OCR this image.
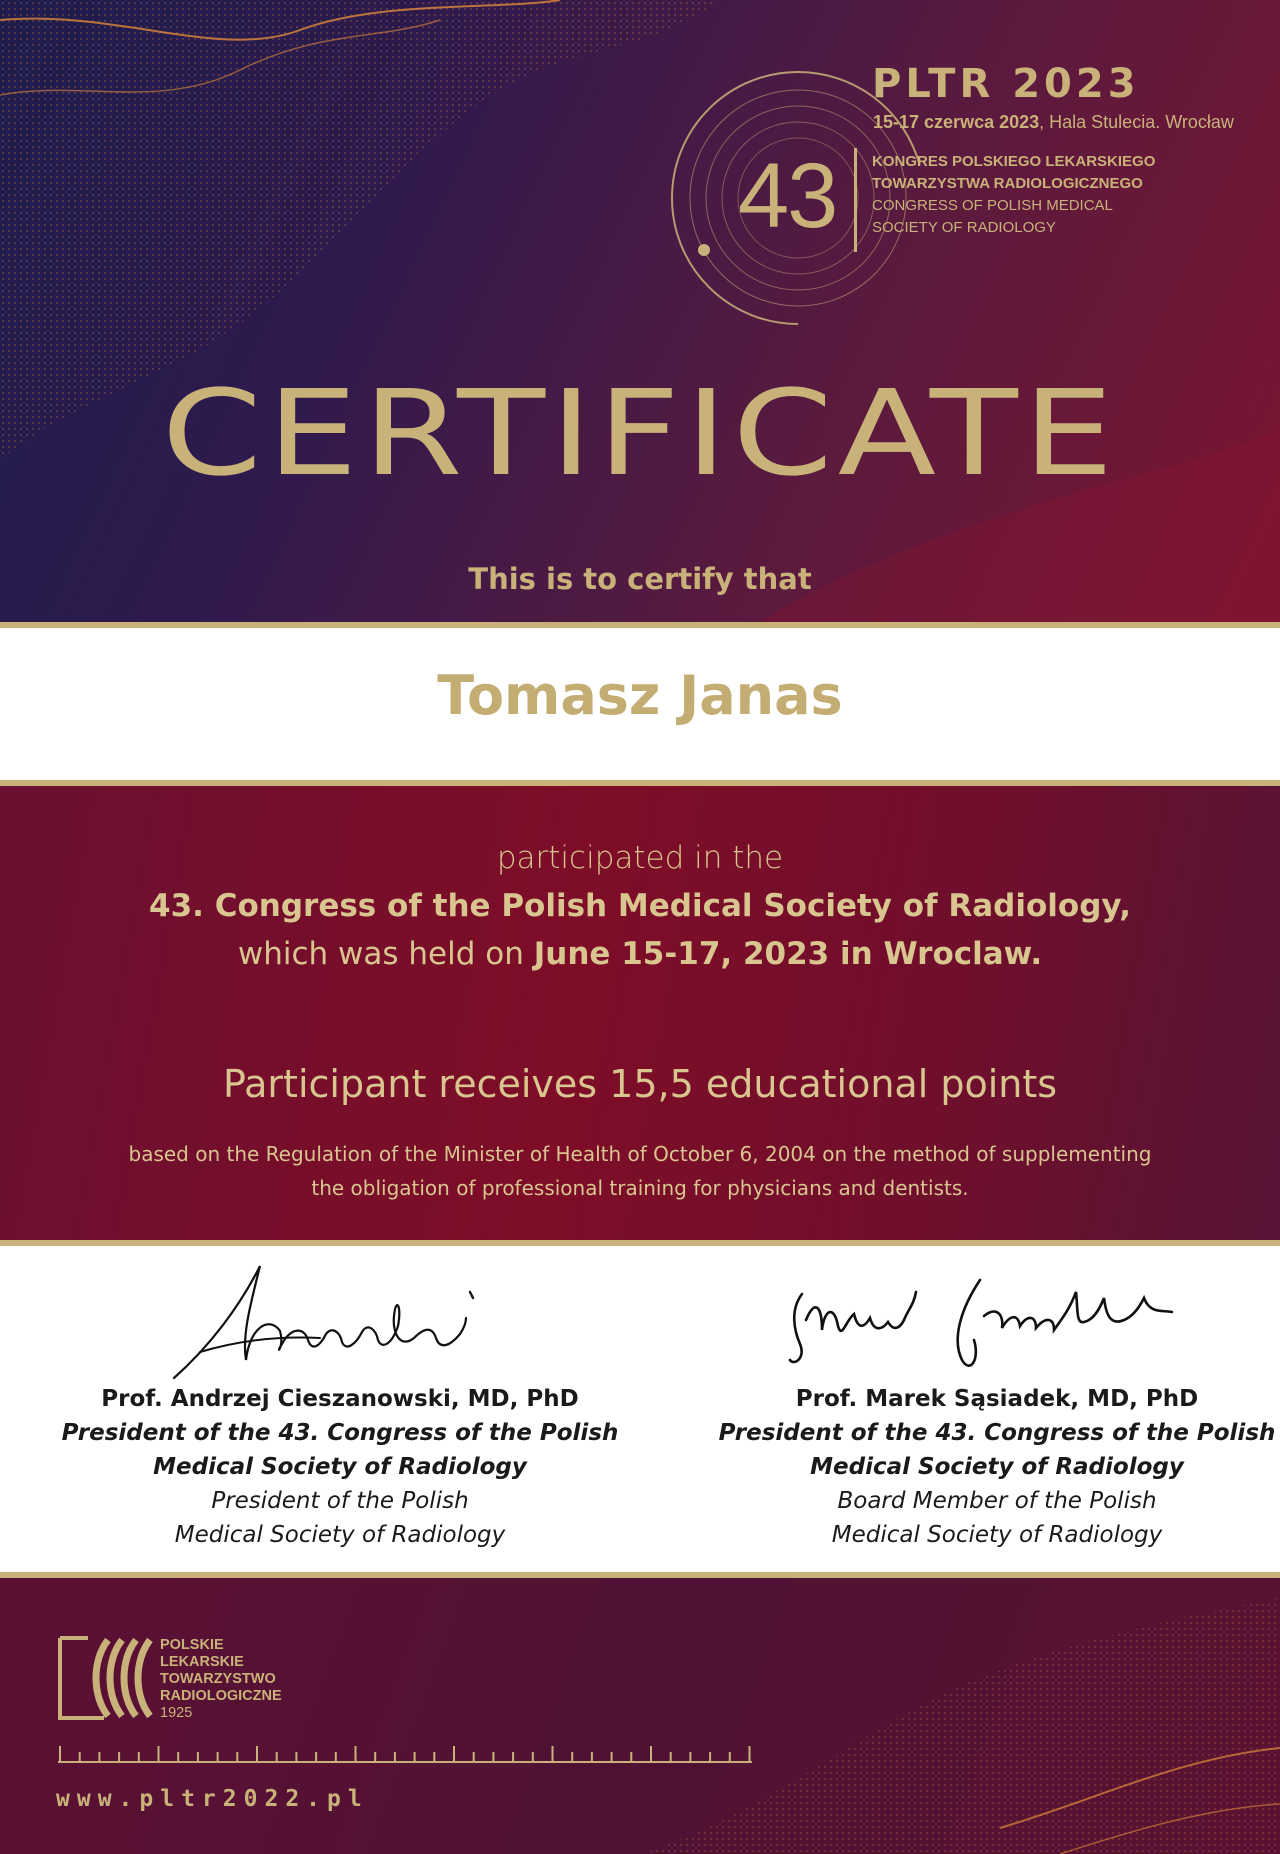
43
PLTR 2023
15-17 czerwca 2023, Hala Stulecia. Wrocław
KONGRES POLSKIEGO LEKARSKIEGO
TOWARZYSTWA RADIOLOGICZNEGO
CONGRESS OF POLISH MEDICAL
SOCIETY OF RADIOLOGY
CERTIFICATE
This is to certify that
Tomasz Janas
participated in the
43. Congress of the Polish Medical Society of Radiology,
which was held on June 15-17, 2023 in Wroclaw.
Participant receives 15,5 educational points
based on the Regulation of the Minister of Health of October 6, 2004 on the method of supplementing
the obligation of professional training for physicians and dentists.
Prof. Andrzej Cieszanowski, MD, PhD
President of the 43. Congress of the Polish
Medical Society of Radiology
President of the Polish
Medical Society of Radiology
Prof. Marek Sąsiadek, MD, PhD
President of the 43. Congress of the Polish
Medical Society of Radiology
Board Member of the Polish
Medical Society of Radiology
POLSKIE
LEKARSKIE
TOWARZYSTWO
RADIOLOGICZNE
1925
www.pltr2022.pl
